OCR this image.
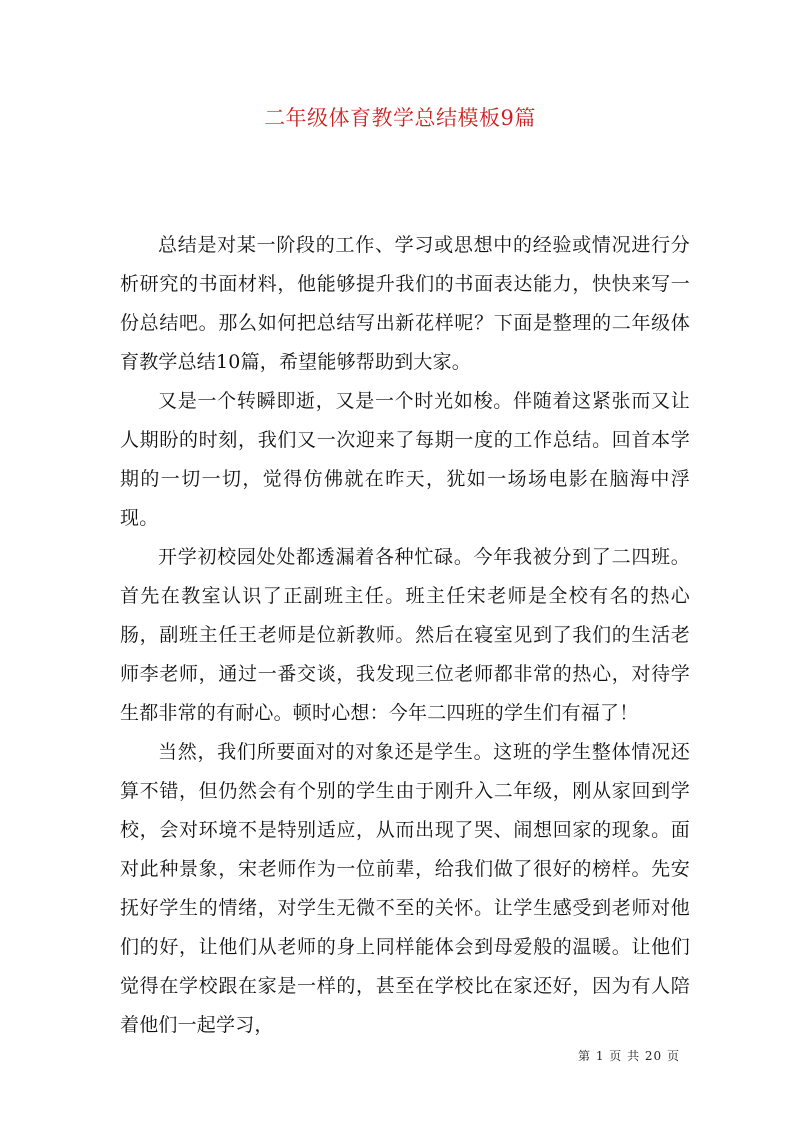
二年级体育教学总结模板9篇

总结是对某一阶段的工作、学习或思想中的经验或情况进行分析研究的书面材料，他能够提升我们的书面表达能力，快快来写一份总结吧。那么如何把总结写出新花样呢？下面是整理的二年级体育教学总结10篇，希望能够帮助到大家。

又是一个转瞬即逝，又是一个时光如梭。伴随着这紧张而又让人期盼的时刻，我们又一次迎来了每期一度的工作总结。回首本学期的一切一切，觉得仿佛就在昨天，犹如一场场电影在脑海中浮现。

开学初校园处处都透漏着各种忙碌。今年我被分到了二四班。首先在教室认识了正副班主任。班主任宋老师是全校有名的热心肠，副班主任王老师是位新教师。然后在寝室见到了我们的生活老师李老师，通过一番交谈，我发现三位老师都非常的热心，对待学生都非常的有耐心。顿时心想：今年二四班的学生们有福了！

当然，我们所要面对的对象还是学生。这班的学生整体情况还算不错，但仍然会有个别的学生由于刚升入二年级，刚从家回到学校，会对环境不是特别适应，从而出现了哭、闹想回家的现象。面对此种景象，宋老师作为一位前辈，给我们做了很好的榜样。先安抚好学生的情绪，对学生无微不至的关怀。让学生感受到老师对他们的好，让他们从老师的身上同样能体会到母爱般的温暖。让他们觉得在学校跟在家是一样的，甚至在学校比在家还好，因为有人陪着他们一起学习，

第 1 页 共 20 页
